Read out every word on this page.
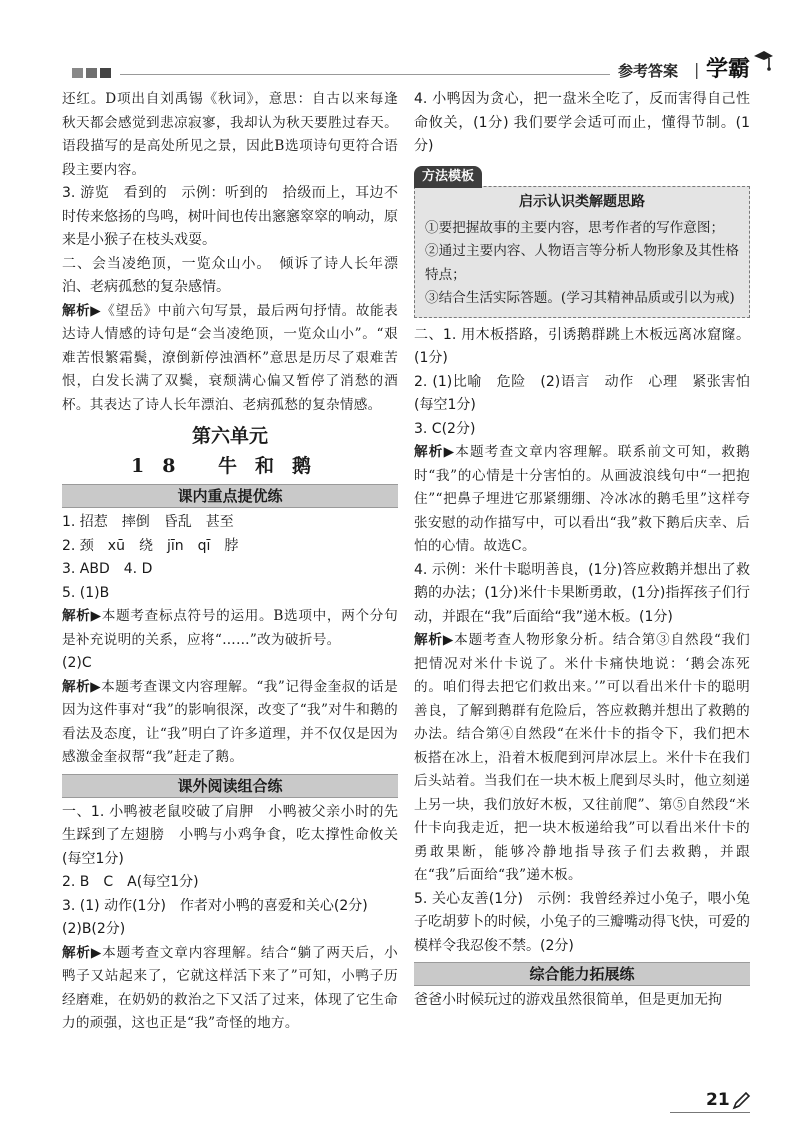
参考答案 | 学霸

还红。D项出自刘禹锡《秋词》，意思：自古以来每逢秋天都会感觉到悲凉寂寥，我却认为秋天要胜过春天。语段描写的是高处所见之景，因此B选项诗句更符合语段主要内容。

3. 游览　看到的　示例：听到的　拾级而上，耳边不时传来悠扬的鸟鸣，树叶间也传出窸窸窣窣的响动，原来是小猴子在枝头戏耍。

二、会当凌绝顶，一览众山小。　倾诉了诗人长年漂泊、老病孤愁的复杂感情。

解析▶《望岳》中前六句写景，最后两句抒情。故能表达诗人情感的诗句是“会当凌绝顶，一览众山小”。“艰难苦恨繁霜鬓，潦倒新停浊酒杯”意思是历尽了艰难苦恨，白发长满了双鬓，衰颓满心偏又暂停了消愁的酒杯。其表达了诗人长年漂泊、老病孤愁的复杂情感。

第六单元
18 牛和鹅
课内重点提优练

1. 招惹　摔倒　昏乱　甚至

2. 颈　xū　绕　jīn　qī　脖

3. ABD　4. D

5. (1)B

解析▶本题考查标点符号的运用。B选项中，两个分句是补充说明的关系，应将“……”改为破折号。

(2)C

解析▶本题考查课文内容理解。“我”记得金奎叔的话是因为这件事对“我”的影响很深，改变了“我”对牛和鹅的看法及态度，让“我”明白了许多道理，并不仅仅是因为感激金奎叔帮“我”赶走了鹅。

课外阅读组合练

一、1. 小鸭被老鼠咬破了肩胛　小鸭被父亲小时的先生踩到了左翅膀　小鸭与小鸡争食，吃太撑性命攸关(每空1分)

2. B　C　A(每空1分)

3. (1) 动作(1分)　作者对小鸭的喜爱和关心(2分)

(2)B(2分)

解析▶本题考查文章内容理解。结合“躺了两天后，小鸭子又站起来了，它就这样活下来了”可知，小鸭子历经磨难，在奶奶的救治之下又活了过来，体现了它生命力的顽强，这也正是“我”奇怪的地方。

4. 小鸭因为贪心，把一盘米全吃了，反而害得自己性命攸关，(1分) 我们要学会适可而止，懂得节制。(1分)

方法模板
启示认识类解题思路

①要把握故事的主要内容，思考作者的写作意图；

②通过主要内容、人物语言等分析人物形象及其性格特点；

③结合生活实际答题。(学习其精神品质或引以为戒)

二、1. 用木板搭路，引诱鹅群跳上木板远离冰窟窿。(1分)

2. (1)比喻　危险　(2)语言　动作　心理　紧张害怕(每空1分)

3. C(2分)

解析▶本题考查文章内容理解。联系前文可知，救鹅时“我”的心情是十分害怕的。从画波浪线句中“一把抱住”“把鼻子埋进它那紧绷绷、冷冰冰的鹅毛里”这样夸张安慰的动作描写中，可以看出“我”救下鹅后庆幸、后怕的心情。故选C。

4. 示例：米什卡聪明善良，(1分)答应救鹅并想出了救鹅的办法；(1分)米什卡果断勇敢，(1分)指挥孩子们行动，并跟在“我”后面给“我”递木板。(1分)

解析▶本题考查人物形象分析。结合第③自然段“我们把情况对米什卡说了。米什卡痛快地说：‘鹅会冻死的。咱们得去把它们救出来。’”可以看出米什卡的聪明善良，了解到鹅群有危险后，答应救鹅并想出了救鹅的办法。结合第④自然段“在米什卡的指令下，我们把木板搭在冰上，沿着木板爬到河岸冰层上。米什卡在我们后头站着。当我们在一块木板上爬到尽头时，他立刻递上另一块，我们放好木板，又往前爬”、第⑤自然段“米什卡向我走近，把一块木板递给我”可以看出米什卡的勇敢果断，能够冷静地指导孩子们去救鹅，并跟在“我”后面给“我”递木板。

5. 关心友善(1分)　示例：我曾经养过小兔子，喂小兔子吃胡萝卜的时候，小兔子的三瓣嘴动得飞快，可爱的模样令我忍俊不禁。(2分)

综合能力拓展练

爸爸小时候玩过的游戏虽然很简单，但是更加无拘

21
